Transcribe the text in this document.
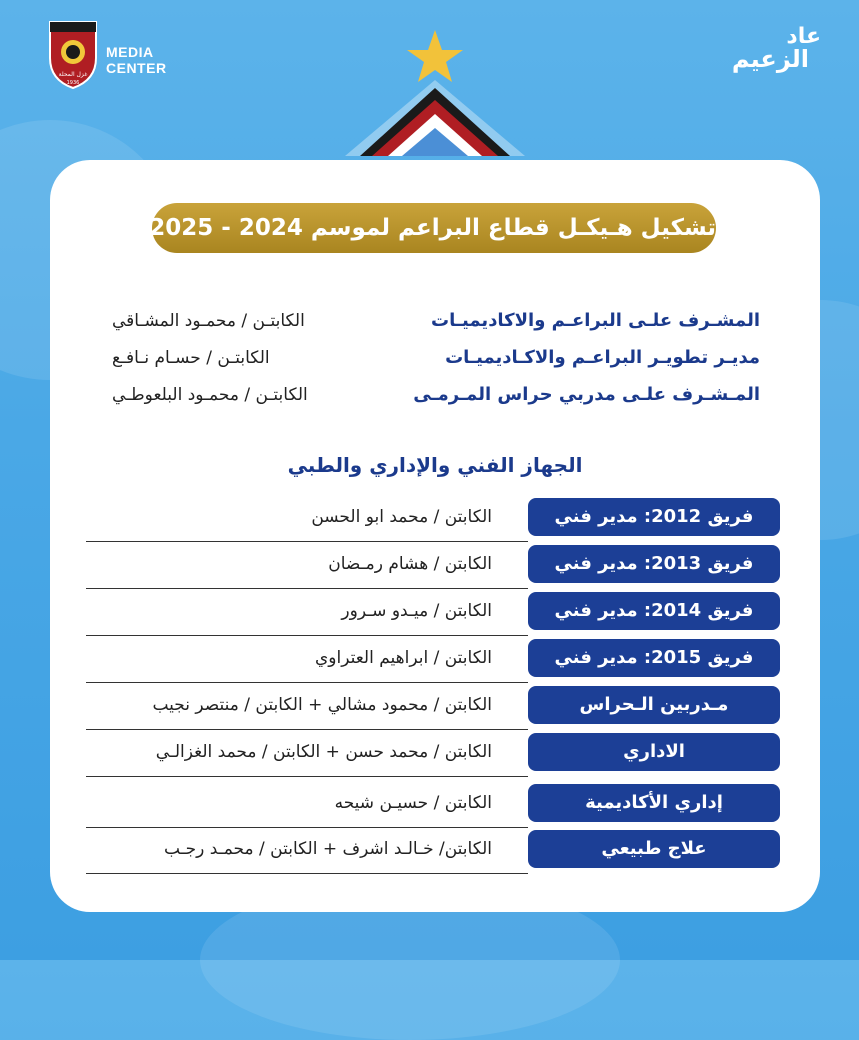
غزل المحلة
1936
MEDIA
CENTER
عاد
الزعيم
تشكيل هـيكـل قطاع البراعم لموسم 2024 - 2025
المشـرف علـى البراعـم والاكاديميـات
الكابتـن / محمـود المشـاقي
مديـر تطويـر البراعـم والاكـاديميـات
الكابتـن / حسـام نـافـع
المـشـرف علـى مدربي حراس المـرمـى
الكابتـن / محمـود البلعوطـي
الجهاز الفني والإداري والطبي
فريق 2012: مدير فني
الكابتن / محمد ابو الحسن
فريق 2013: مدير فني
الكابتن / هشام رمـضان
فريق 2014: مدير فني
الكابتن / ميـدو سـرور
فريق 2015: مدير فني
الكابتن / ابراهيم العتراوي
مـدربين الـحراس
الكابتن / محمود مشالي + الكابتن / منتصر نجيب
الاداري
الكابتن / محمد حسن + الكابتن / محمد الغزالـي
إداري الأكاديمية
الكابتن / حسيـن شيحه
علاج طبيعي
الكابتن/ خـالـد اشرف + الكابتن / محمـد رجـب
